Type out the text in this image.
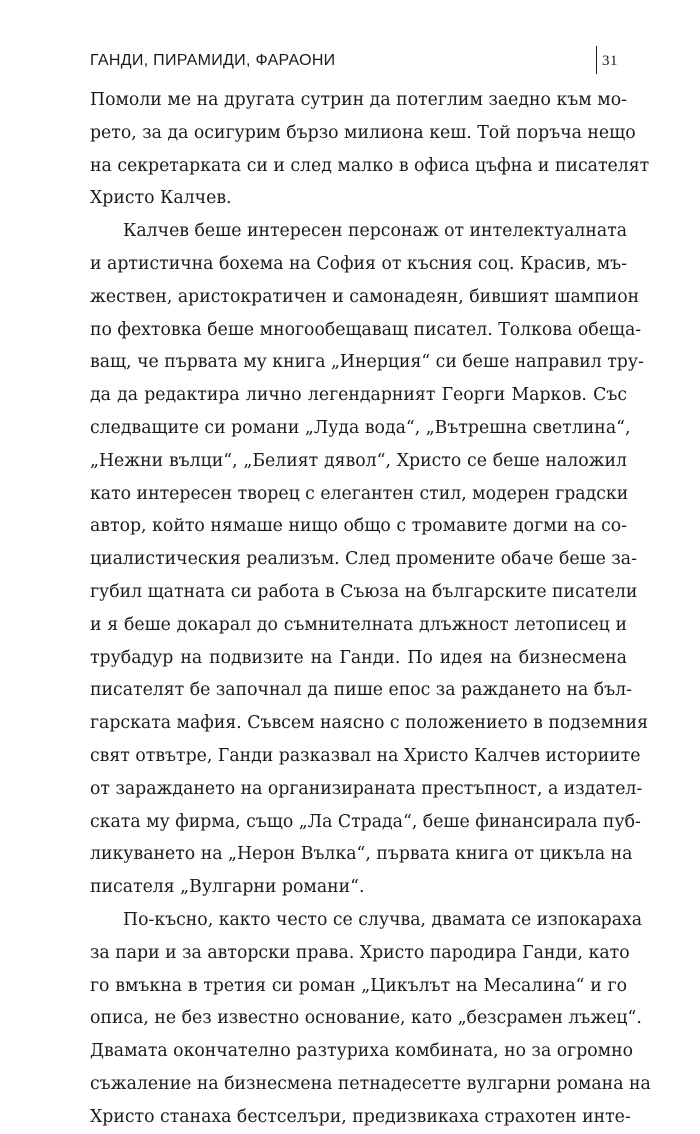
ГАНДИ, ПИРАМИДИ, ФАРАОНИ	31
Помоли ме на другата сутрин да потеглим заедно към мо-
рето, за да осигурим бързо милиона кеш. Той поръча нещо
на секретарката си и след малко в офиса цъфна и писателят
Христо Калчев.
Калчев беше интересен персонаж от интелектуалната
и артистична бохема на София от късния соц. Красив, мъ-
жествен, аристократичен и самонадеян, бившият шампион
по фехтовка беше многообещаващ писател. Толкова обеща-
ващ, че първата му книга „Инерция“ си беше направил тру-
да да редактира лично легендарният Георги Марков. Със
следващите си романи „Луда вода“, „Вътрешна светлина“,
„Нежни вълци“, „Белият дявол“, Христо се беше наложил
като интересен творец с елегантен стил, модерен градски
автор, който нямаше нищо общо с тромавите догми на со-
циалистическия реализъм. След промените обаче беше за-
губил щатната си работа в Съюза на българските писатели
и я беше докарал до съмнителната длъжност летописец и
трубадур на подвизите на Ганди. По идея на бизнесмена
писателят бе започнал да пише епос за раждането на бъл-
гарската мафия. Съвсем наясно с положението в подземния
свят отвътре, Ганди разказвал на Христо Калчев историите
от зараждането на организираната престъпност, а издател-
ската му фирма, също „Ла Страда“, беше финансирала пуб-
ликуването на „Нерон Вълка“, първата книга от цикъла на
писателя „Вулгарни романи“.
По-късно, както често се случва, двамата се изпокараха
за пари и за авторски права. Христо пародира Ганди, като
го вмъкна в третия си роман „Цикълът на Месалина“ и го
описа, не без известно основание, като „безсрамен лъжец“.
Двамата окончателно разтуриха комбината, но за огромно
съжаление на бизнесмена петнадесетте вулгарни романа на
Христо станаха бестселъри, предизвикаха страхотен инте-
